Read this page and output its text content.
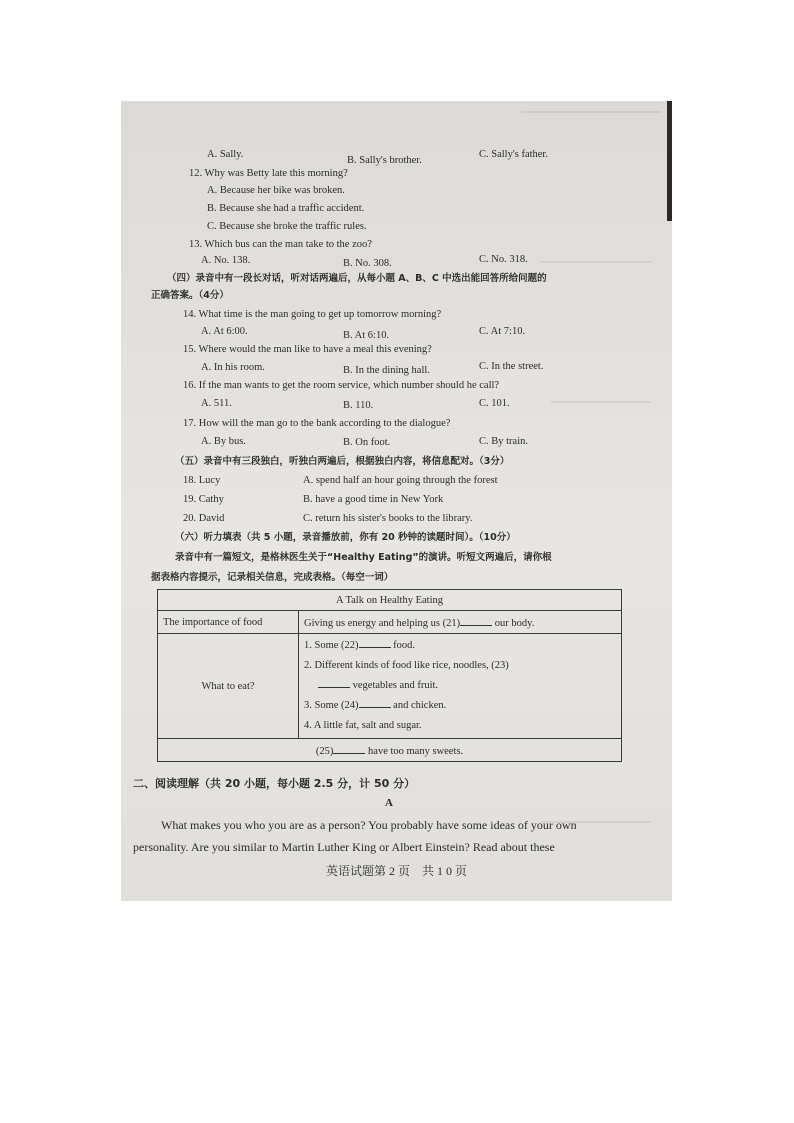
A. Sally.
B. Sally's brother.
C. Sally's father.
12. Why was Betty late this morning?
A. Because her bike was broken.
B. Because she had a traffic accident.
C. Because she broke the traffic rules.
13. Which bus can the man take to the zoo?
A. No. 138.	B. No. 308.	C. No. 318.
（四）录音中有一段长对话，听对话两遍后，从每小题 A、B、C 中选出能回答所给问题的
正确答案。（4分）
14. What time is the man going to get up tomorrow morning?
A. At 6:00.	B. At 6:10.	C. At 7:10.
15. Where would the man like to have a meal this evening?
A. In his room.	B. In the dining hall.	C. In the street.
16. If the man wants to get the room service, which number should he call?
A. 511.	B. 110.	C. 101.
17. How will the man go to the bank according to the dialogue?
A. By bus.	B. On foot.	C. By train.
（五）录音中有三段独白，听独白两遍后，根据独白内容，将信息配对。（3分）
18. Lucy	A. spend half an hour going through the forest
19. Cathy	B. have a good time in New York
20. David	C. return his sister's books to the library.
（六）听力填表（共 5 小题，录音播放前，你有 20 秒钟的读题时间）。（10分）
录音中有一篇短文，是格林医生关于“Healthy Eating”的演讲。听短文两遍后，请你根
据表格内容提示，记录相关信息，完成表格。（每空一词）
A Talk on Healthy Eating	
The importance of food	Giving us energy and helping us (21) our body.
What to eat?	1. Some (22) food.
2. Different kinds of food like rice, noodles, (23)
vegetables and fruit.
3. Some (24) and chicken.
4. A little fat, salt and sugar.

(25) have too many sweets.	
二、阅读理解（共 20 小题，每小题 2.5 分，计 50 分）
A
What makes you who you are as a person? You probably have some ideas of your own
personality. Are you similar to Martin Luther King or Albert Einstein? Read about these
英语试题第 2 页　共 1 0 页
